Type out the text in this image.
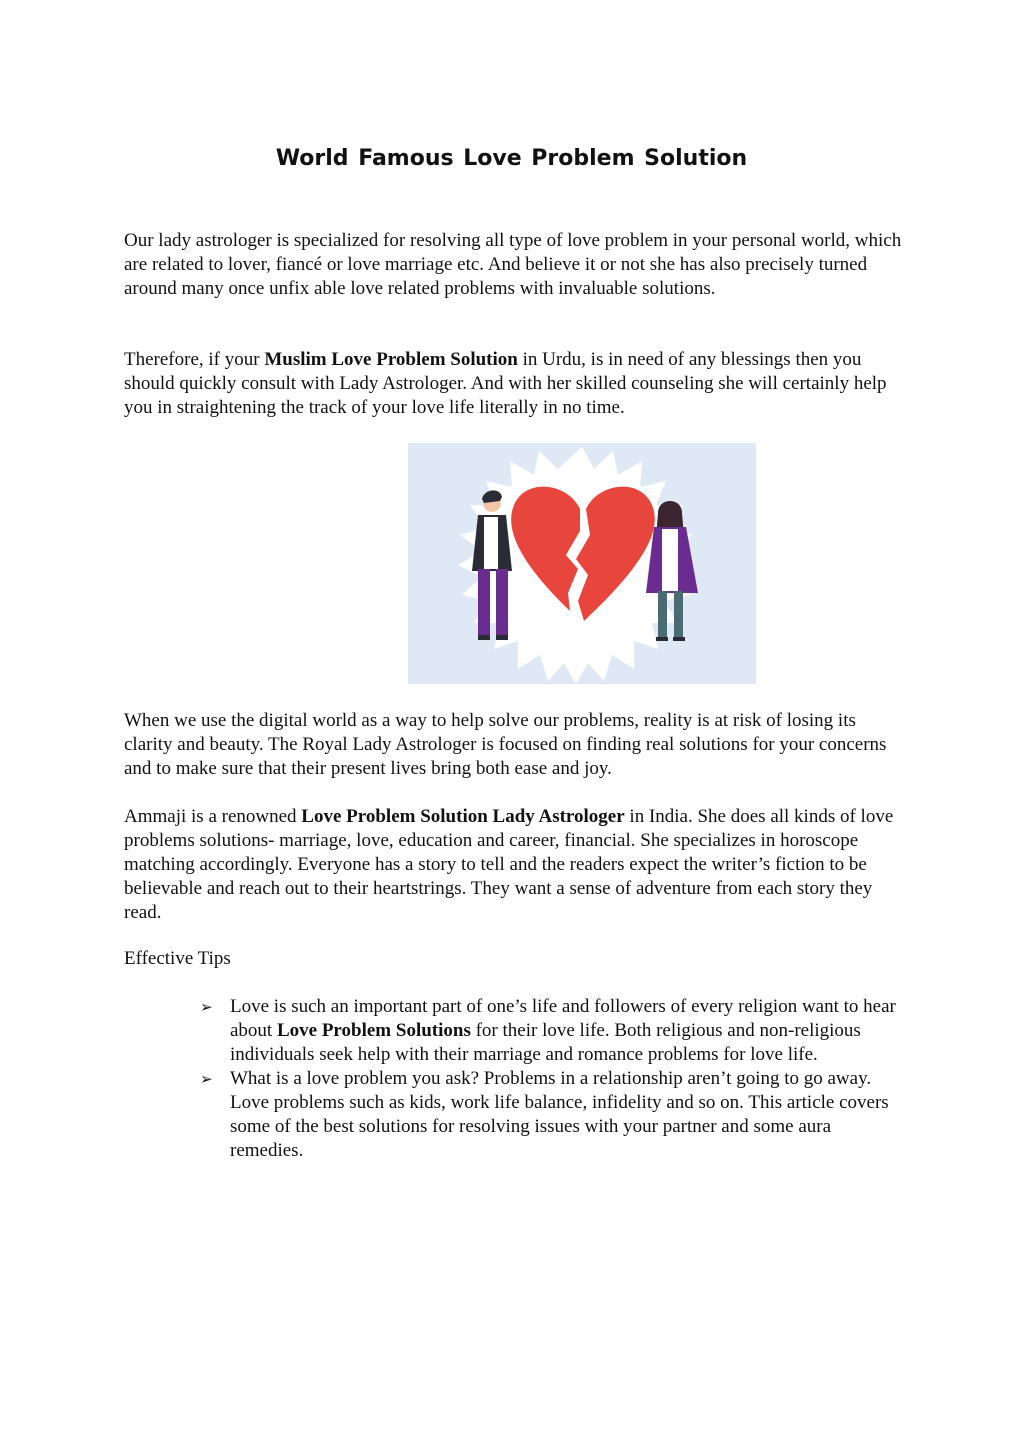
World Famous Love Problem Solution

Our lady astrologer is specialized for resolving all type of love problem in your personal world, which are related to lover, fiancé or love marriage etc. And believe it or not she has also precisely turned around many once unfix able love related problems with invaluable solutions.

Therefore, if your Muslim Love Problem Solution in Urdu, is in need of any blessings then you should quickly consult with Lady Astrologer. And with her skilled counseling she will certainly help you in straightening the track of your love life literally in no time.

When we use the digital world as a way to help solve our problems, reality is at risk of losing its clarity and beauty. The Royal Lady Astrologer is focused on finding real solutions for your concerns and to make sure that their present lives bring both ease and joy.

Ammaji is a renowned Love Problem Solution Lady Astrologer in India. She does all kinds of love problems solutions- marriage, love, education and career, financial. She specializes in horoscope matching accordingly. Everyone has a story to tell and the readers expect the writer’s fiction to be believable and reach out to their heartstrings. They want a sense of adventure from each story they read.

Effective Tips

➢ Love is such an important part of one’s life and followers of every religion want to hear about Love Problem Solutions for their love life. Both religious and non-religious individuals seek help with their marriage and romance problems for love life.
➢ What is a love problem you ask? Problems in a relationship aren’t going to go away. Love problems such as kids, work life balance, infidelity and so on. This article covers some of the best solutions for resolving issues with your partner and some aura remedies.
